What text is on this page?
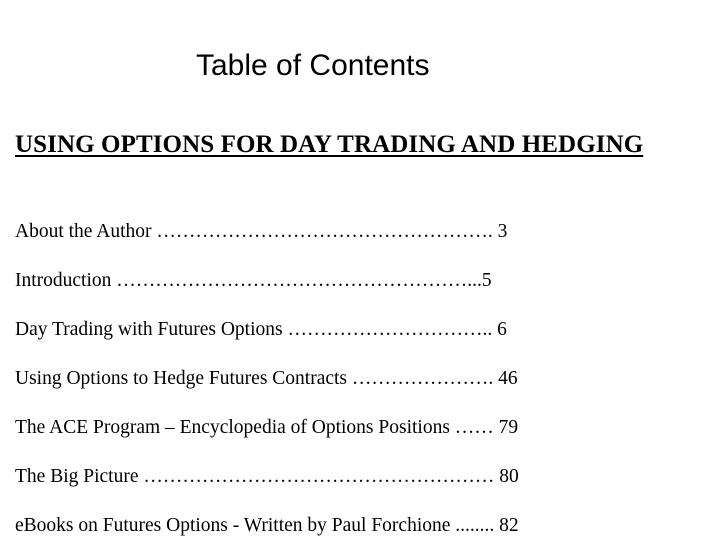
Table of Contents
USING OPTIONS FOR DAY TRADING AND HEDGING
About the Author ……………………………………………. 3
Introduction ………………………………………………...5
Day Trading with Futures Options ………………………….. 6
Using Options to Hedge Futures Contracts …………………. 46
The ACE Program – Encyclopedia of Options Positions …… 79
The Big Picture ……………………………………………… 80
eBooks on Futures Options - Written by Paul Forchione ........ 82
